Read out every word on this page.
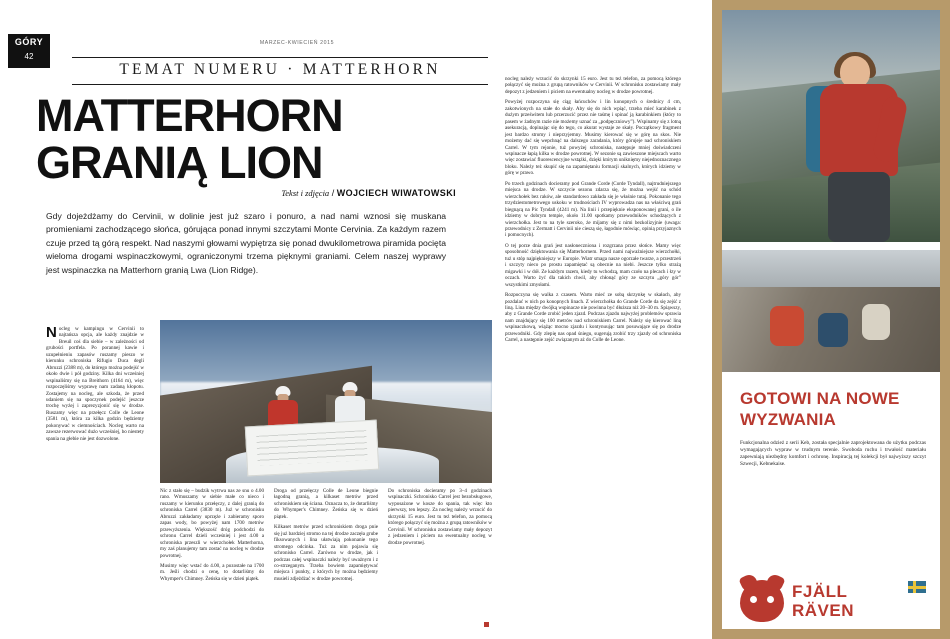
GÓRY
42
MARZEC-KWIECIEŃ 2015
TEMAT NUMERU · MATTERHORN
MATTERHORN
GRANIĄ LION
Tekst i zdjęcia / WOJCIECH WIWATOWSKI
Gdy dojeżdżamy do Cervinii, w dolinie jest już szaro i ponuro, a nad nami wznosi się muskana promieniami zachodzącego słońca, górująca ponad innymi szczytami Monte Cervinia. Za każdym razem czuje przed tą górą respekt. Nad naszymi głowami wypiętrza się ponad dwukilometrowa piramida pocięta wieloma drogami wspinaczkowymi, ograniczonymi trzema pięknymi graniami. Celem naszej wyprawy jest wspinaczka na Matterhorn granią Lwa (Lion Ridge).

Nocleg w kampingu w Cervinii to najtańsza opcja, ale każdy znajdzie w Breuil coś dla siebie – w zależności od grubości portfela. Po porannej kawie i uzupełnieniu zapasów ruszamy pieszo w kierunku schroniska Rifugio Duca degli Abruzzi (2388 m), do którego można podejść w około dwie i pół godziny. Kilka dni wcześniej wspinaliśmy się na Breithorn (4164 m), więc rozpoczęliśmy wyprawę nam zadaną kłopotu. Zostajemy na nocleg, ale szkoda, że przed udaniem się na spoczynek podejść jeszcze trochę wyżej i zaprezyzjonić się w drodze. Ruszamy więc na przełęcz Colle de Leone (3581 m), która za kilka godzin będziemy pokonywać w ciemnościach. Nocleg warto na zawsze rezerwować dużo wcześniej, bo niestety spania na głebie nie jest dozwolone.

Nic z stało się – budzik wytrwa nas ze snu o 4.00 rano. Wmuszamy w siebie małe co nieco i ruszamy w kierunku przełęczy, z dalej granią do schroniska Carrel (3830 m). Już w schronisku Abruzzi zakładamy uprzęże i zabieramy sporo zapas wody, bo powyżej nam 1700 metrów przewyższenia. Większość dróg podchodzi do schronu Carrel dzieli wcześniej i jest 4.00 a schroniska przeszli w wierzchołek Matterhorna, my zaś planujemy tam zostać na nocleg w drodze powrotnej.

Musimy więc wstać do 4.00, a pozostałe na 1700 m. Jeśli chodzi o cenę, to dotarliśmy do Whymper's Chimney. Żeńska się w dzień piątek.

Droga od przełęczy Colle de Leone biegnie łagodną granią, a kilkaset metrów przed schroniskiem się ściana. Oznacza to, że dotarliśmy do Whymper's Chimney. Żeńska się w dzień piątek.

Kilkaset metrów przed schroniskiem droga pnie się już bardziej stromo na tej drodze zaczęła grube fiksowanych i lina ułatwiają pokonanie tego stromego odcinka. Tuż za nim pojawia się schronisko Carrel. Zarówno w drodze, jak i podczas całej wspinaczki należy być uważnym i z co-strzeganym. Trzeba bowiem zapamiętywać miejsca i punkty, z których by można będziemy musieli zdjeżdżać w drodze powrotnej.

Do schroniska docieramy po 3–4 godzinach wspinaczki. Schronisko Carrel jest bezobsługowe, wyposażone w kosze do spania, tak więc kto pierwszy, ten lepszy. Za nocleg należy wrzucić do skrzynki 15 euro. Jest tu też telefon, za pomocą którego połączyć się można z grupą ratowników w Cervinii. W schronisku zostawiamy mały depozyt z jedzeniem i piciem na ewentualny nocleg w drodze powrotnej.

nocleg należy wrzucić do skrzynki 15 euro. Jest tu też telefon, za pomocą którego połączyć się można z grupą ratowników w Cervinii. W schronisku zostawiamy mały depozyt z jedzeniem i piciem na ewentualny nocleg w drodze powrotnej.

Powyżej rozpoczyna się ciąg łańcuchów i lin konopnych o średnicy 4 cm, zakotwionych na stałe do skały. Aby się do nich wpiąć, trzeba mieć karabinek z dużym prześwitem lub przerzucić przez nie taśmę i spinać ją karabinkiem (który to pasem w żadnym razie nie możemy uznać za „podpęczniowy”). Wspinamy się z lotną asekuracją, dopinając się do tego, co akurat wystaje ze skały. Początkowy fragment jest bardzo stromy i nieprzyjemny. Musimy kierować się w górę na skos. Nie możemy dać się wepchnąć na dalszego zaradania, który górujeje nad schroniskiem Carrel. W tym rejonie, tuż powyżej schroniska, następuje mniej doświadczeni wspinacze łapią kilka w drodze powrotnej. W sezonie są zawieszone miejscach warto więc zostawiać fluorescencyjne wstążki, dzięki którym uniknięmy niejednoznacznego bloku. Należy też skupić się na zapamiętaniu formacji skalnych, których idziemy w górę w prawo.

Po trzech godzinach docieramy pod Grande Corde (Corde Tyndall), najtrudniejszego miejsca na drodze. W szczycie sezonu zdarza się, że można wejść na schód wierzchołek bez raków, ale standardowo zakłada się je właśnie tutaj. Pokonanie tego trzydziestometrowego uskoku w trudnościach IV wyprowadza nas na właściwą grań biegnącą na Pic Tyndall (4241 m). Na linii i przepięknie eksponowanej grani, o ile idziemy w dobrym tempie, około 11.00 spotkamy przewodników schodzących z wierzchołka. Jest to na tyle szeroko, że mijamy się z nimi bezkolizyjnie (uwaga: przewodnicy z Zermatt i Cervinii nie cieszą się, łagodnie mówiąc, opinią przyjaznych i pomocnych).

O tej porze dnia grań jest nasłoneczniona i rozgrzana przez słońce. Mamy więc sposobność dzięktowania się Matterhornem. Przed nami najważniejsze wierzchołki, tuż u stóp najpiękniejszy w Europie. Wiatr smaga nasze ogorzałe twarze, a przestrzeń i szczyty nieco po prostu zapamiętać są obecnie na niebi. Jeszcze tylko strażą migawki i w dół. Ze każdym razem, kiedy tu wchodzą, mam czoło na plecach i łzy w oczach. Warto żyć dla takich chwil, aby chłonąć góry ze szczytu „góry gór” wszystkimi zmysłami.

Rozpoczyna się walka z czasem. Warto mieć ze sobą skrzynkę w skałach, aby pozdalać w nich po konopnych linach. Z wierzchołka do Grande Corde da się zejść z liną. Lina między dwójką wspinacze nie powinna być dłuższa niż 20–30 m. Spiąwszy, aby z Grande Corde zrobić jeden zjazd. Podczas zjazdu najwyżej problemów sprawia nam znajdujący się 100 metrów nad schroniskiem Carrel. Należy się kierować liną wspinaczkową, wiążąc mocno zjazdu i kontynuując tam posuwające się po drodze przewodniki. Gdy zlepię nas opad śniegu, sugerują zrobić trzy zjazdy od schroniska Carrel, a następnie zejść związanym aż do Colle de Leone.

GOTOWI NA NOWE
WYZWANIA
Funkcjonalna odzież z serii Keb, została specjalnie zaprojektowana do użytku podczas wymagających wypraw w trudnym terenie. Swoboda ruchu i trwałość materiału zapewniają niezbędny komfort i ochronę. Inspiracją tej kolekcji był najwyższy szczyt Szwecji, Kebnekaise.
FJÄLL
RÄVEN
